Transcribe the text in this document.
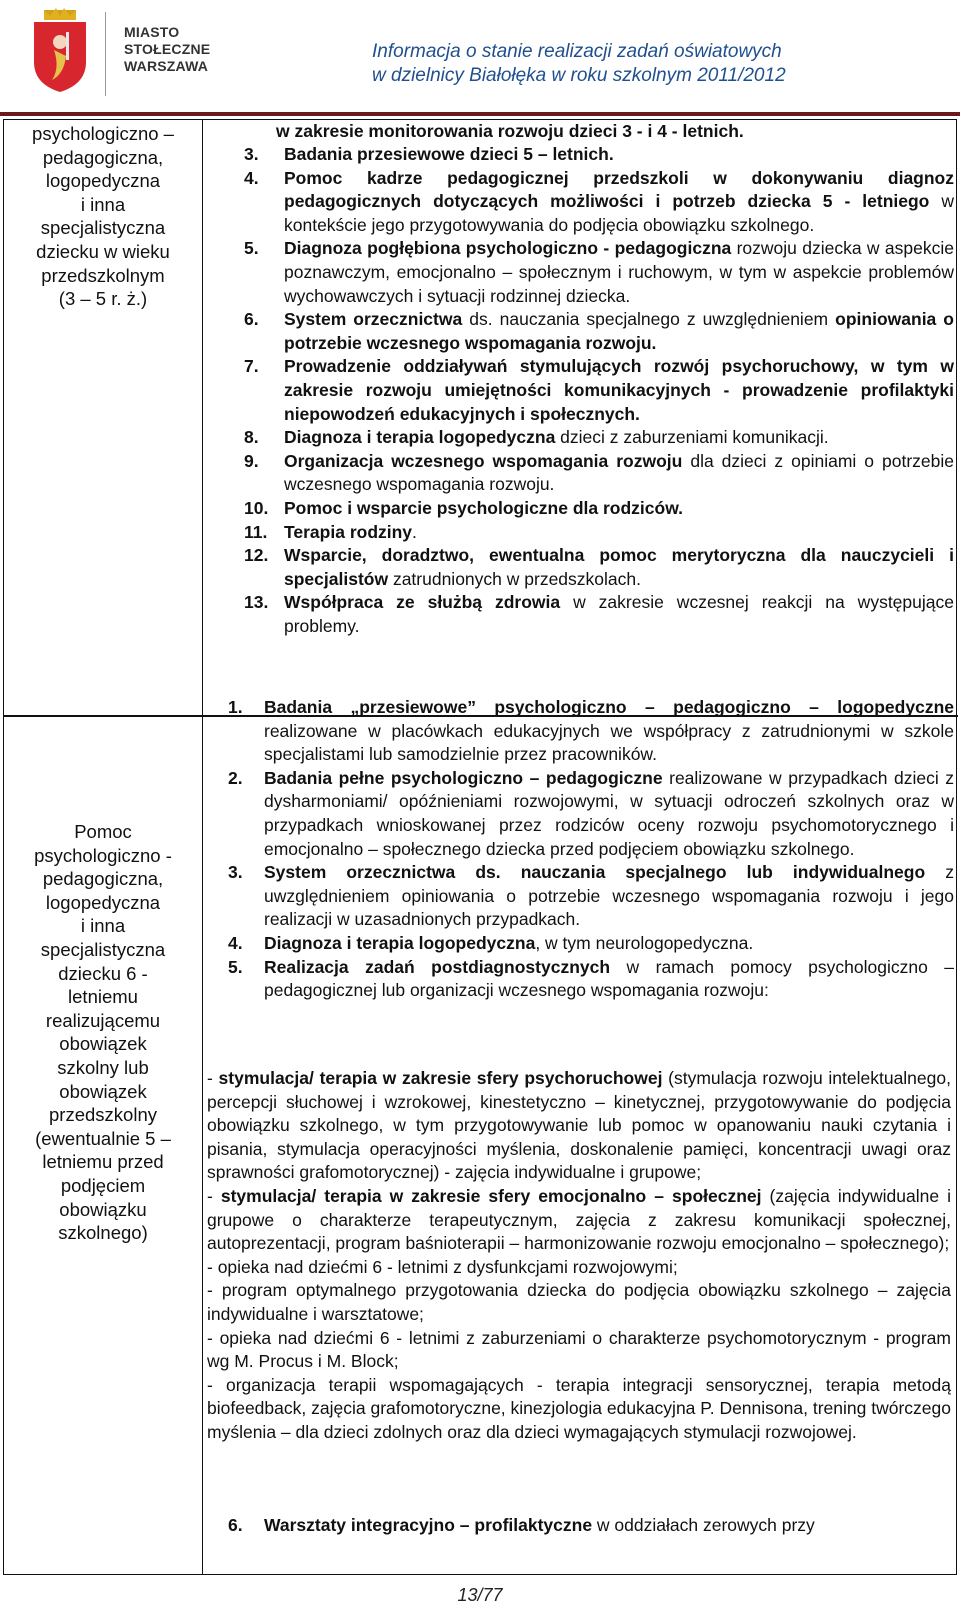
MIASTO
STOŁECZNE
WARSZAWA
Informacja o stanie realizacji zadań oświatowych
w dzielnicy Białołęka w roku szkolnym 2011/2012

psychologiczno –

pedagogiczna,

logopedyczna

i inna

specjalistyczna

dziecku w wieku

przedszkolnym

(3 – 5 r. ż.)

Pomoc

psychologiczno -

pedagogiczna,

logopedyczna

i inna

specjalistyczna

dziecku 6 -

letniemu

realizującemu

obowiązek

szkolny lub

obowiązek

przedszkolny

(ewentualnie 5 –

letniemu przed

podjęciem

obowiązku

szkolnego)

w zakresie monitorowania rozwoju dzieci 3 - i 4 - letnich.

3. Badania przesiewowe dzieci 5 – letnich.

4. Pomoc kadrze pedagogicznej przedszkoli w dokonywaniu diagnoz pedagogicznych dotyczących możliwości i potrzeb dziecka 5 - letniego w kontekście jego przygotowywania do podjęcia obowiązku szkolnego.

5. Diagnoza pogłębiona psychologiczno - pedagogiczna rozwoju dziecka w aspekcie poznawczym, emocjonalno – społecznym i ruchowym, w tym w aspekcie problemów wychowawczych i sytuacji rodzinnej dziecka.

6. System orzecznictwa ds. nauczania specjalnego z uwzględnieniem opiniowania o potrzebie wczesnego wspomagania rozwoju.

7. Prowadzenie oddziaływań stymulujących rozwój psychoruchowy, w tym w zakresie rozwoju umiejętności komunikacyjnych - prowadzenie profilaktyki niepowodzeń edukacyjnych i społecznych.

8. Diagnoza i terapia logopedyczna dzieci z zaburzeniami komunikacji.

9. Organizacja wczesnego wspomagania rozwoju dla dzieci z opiniami o potrzebie wczesnego wspomagania rozwoju.

10. Pomoc i wsparcie psychologiczne dla rodziców.

11. Terapia rodziny.

12. Wsparcie, doradztwo, ewentualna pomoc merytoryczna dla nauczycieli i specjalistów zatrudnionych w przedszkolach.

13. Współpraca ze służbą zdrowia w zakresie wczesnej reakcji na występujące problemy.

1. Badania „przesiewowe” psychologiczno – pedagogiczno – logopedyczne realizowane w placówkach edukacyjnych we współpracy z zatrudnionymi w szkole specjalistami lub samodzielnie przez pracowników.

2. Badania pełne psychologiczno – pedagogiczne realizowane w przypadkach dzieci z dysharmoniami/ opóźnieniami rozwojowymi, w sytuacji odroczeń szkolnych oraz w przypadkach wnioskowanej przez rodziców oceny rozwoju psychomotorycznego i emocjonalno – społecznego dziecka przed podjęciem obowiązku szkolnego.

3. System orzecznictwa ds. nauczania specjalnego lub indywidualnego z uwzględnieniem opiniowania o potrzebie wczesnego wspomagania rozwoju i jego realizacji w uzasadnionych przypadkach.

4. Diagnoza i terapia logopedyczna, w tym neurologopedyczna.

5. Realizacja zadań postdiagnostycznych w ramach pomocy psychologiczno – pedagogicznej lub organizacji wczesnego wspomagania rozwoju:

- stymulacja/ terapia w zakresie sfery psychoruchowej (stymulacja rozwoju intelektualnego, percepcji słuchowej i wzrokowej, kinestetyczno – kinetycznej, przygotowywanie do podjęcia obowiązku szkolnego, w tym przygotowywanie lub pomoc w opanowaniu nauki czytania i pisania, stymulacja operacyjności myślenia, doskonalenie pamięci, koncentracji uwagi oraz sprawności grafomotorycznej) - zajęcia indywidualne i grupowe;

- stymulacja/ terapia w zakresie sfery emocjonalno – społecznej (zajęcia indywidualne i grupowe o charakterze terapeutycznym, zajęcia z zakresu komunikacji społecznej, autoprezentacji, program baśnioterapii – harmonizowanie rozwoju emocjonalno – społecznego);

- opieka nad dziećmi 6 - letnimi z dysfunkcjami rozwojowymi;

- program optymalnego przygotowania dziecka do podjęcia obowiązku szkolnego – zajęcia indywidualne i warsztatowe;

- opieka nad dziećmi 6 - letnimi z zaburzeniami o charakterze psychomotorycznym - program wg M. Procus i M. Block;

- organizacja terapii wspomagających - terapia integracji sensorycznej, terapia metodą biofeedback, zajęcia grafomotoryczne, kinezjologia edukacyjna P. Dennisona, trening twórczego myślenia – dla dzieci zdolnych oraz dla dzieci wymagających stymulacji rozwojowej.

6. Warsztaty integracyjno – profilaktyczne w oddziałach zerowych przy

13/77
